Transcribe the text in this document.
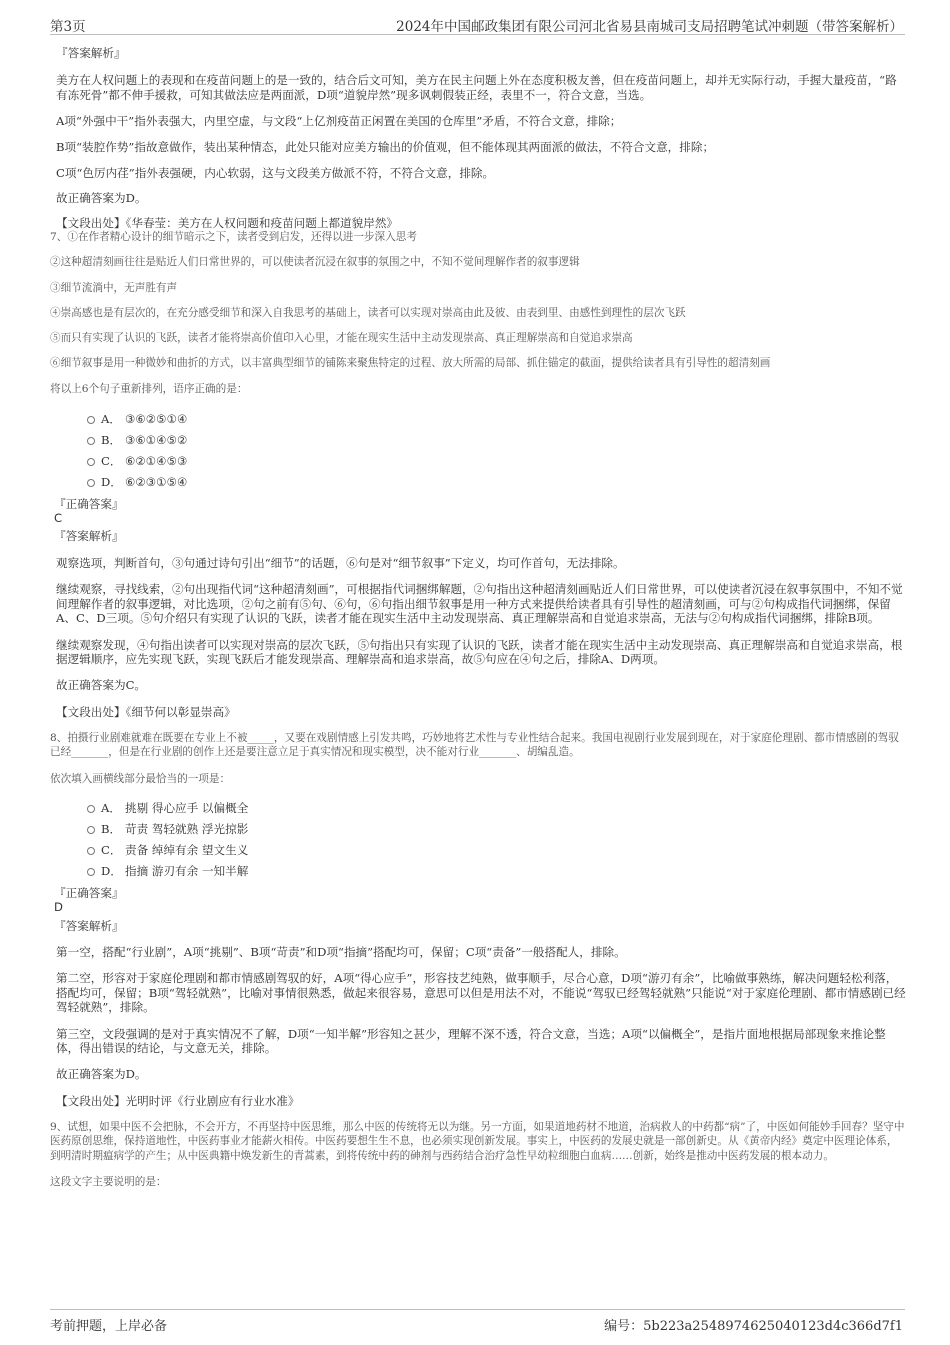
第3页	2024年中国邮政集团有限公司河北省易县南城司支局招聘笔试冲刺题（带答案解析）

『答案解析』

美方在人权问题上的表现和在疫苗问题上的是一致的，结合后文可知，美方在民主问题上外在态度积极友善，但在疫苗问题上，却并无实际行动，手握大量疫苗，“路有冻死骨”都不伸手援救，可知其做法应是两面派，D项“道貌岸然”现多讽刺假装正经，表里不一，符合文意，当选。

A项“外强中干”指外表强大，内里空虚，与文段“上亿剂疫苗正闲置在美国的仓库里”矛盾，不符合文意，排除；

B项“装腔作势”指故意做作，装出某种情态，此处只能对应美方输出的价值观，但不能体现其两面派的做法，不符合文意，排除；

C项“色厉内荏”指外表强硬，内心软弱，这与文段美方做派不符，不符合文意，排除。

故正确答案为D。

【文段出处】《华春莹：美方在人权问题和疫苗问题上都道貌岸然》

7、①在作者精心设计的细节暗示之下，读者受到启发，还得以进一步深入思考

②这种超清刻画往往是贴近人们日常世界的，可以使读者沉浸在叙事的氛围之中，不知不觉间理解作者的叙事逻辑

③细节流淌中，无声胜有声

④崇高感也是有层次的，在充分感受细节和深入自我思考的基础上，读者可以实现对崇高由此及彼、由表到里、由感性到理性的层次飞跃

⑤而只有实现了认识的飞跃，读者才能将崇高价值印入心里，才能在现实生活中主动发现崇高、真正理解崇高和自觉追求崇高

⑥细节叙事是用一种微妙和曲折的方式，以丰富典型细节的铺陈来聚焦特定的过程、放大所需的局部、抓住锚定的截面，提供给读者具有引导性的超清刻画

将以上6个句子重新排列，语序正确的是：

A． ③⑥②⑤①④
B． ③⑥①④⑤②
C． ⑥②①④⑤③
D． ⑥②③①⑤④

『正确答案』

C

『答案解析』

观察选项，判断首句，③句通过诗句引出“细节”的话题，⑥句是对“细节叙事”下定义，均可作首句，无法排除。

继续观察，寻找线索，②句出现指代词“这种超清刻画”，可根据指代词捆绑解题，②句指出这种超清刻画贴近人们日常世界，可以使读者沉浸在叙事氛围中，不知不觉间理解作者的叙事逻辑，对比选项，②句之前有⑤句、⑥句，⑥句指出细节叙事是用一种方式来提供给读者具有引导性的超清刻画，可与②句构成指代词捆绑，保留A、C、D三项。⑤句介绍只有实现了认识的飞跃，读者才能在现实生活中主动发现崇高、真正理解崇高和自觉追求崇高，无法与②句构成指代词捆绑，排除B项。

继续观察发现，④句指出读者可以实现对崇高的层次飞跃，⑤句指出只有实现了认识的飞跃，读者才能在现实生活中主动发现崇高、真正理解崇高和自觉追求崇高，根据逻辑顺序，应先实现飞跃，实现飞跃后才能发现崇高、理解崇高和追求崇高，故⑤句应在④句之后，排除A、D两项。

故正确答案为C。

【文段出处】《细节何以彰显崇高》

8、拍摄行业剧难就难在既要在专业上不被_____，又要在戏剧情感上引发共鸣，巧妙地将艺术性与专业性结合起来。我国电视剧行业发展到现在，对于家庭伦理剧、都市情感剧的驾驭已经_______，但是在行业剧的创作上还是要注意立足于真实情况和现实模型，决不能对行业_______、胡编乱造。

依次填入画横线部分最恰当的一项是：

A． 挑剔 得心应手 以偏概全
B． 苛责 驾轻就熟 浮光掠影
C． 责备 绰绰有余 望文生义
D． 指摘 游刃有余 一知半解

『正确答案』

D

『答案解析』

第一空，搭配“行业剧”，A项“挑剔”、B项“苛责”和D项“指摘”搭配均可，保留；C项“责备”一般搭配人，排除。

第二空，形容对于家庭伦理剧和都市情感剧驾驭的好，A项“得心应手”，形容技艺纯熟，做事顺手，尽合心意，D项“游刃有余”，比喻做事熟练，解决问题轻松利落，搭配均可，保留；B项“驾轻就熟”，比喻对事情很熟悉，做起来很容易，意思可以但是用法不对，不能说“驾驭已经驾轻就熟”只能说“对于家庭伦理剧、都市情感剧已经驾轻就熟”，排除。

第三空，文段强调的是对于真实情况不了解，D项“一知半解”形容知之甚少，理解不深不透，符合文意，当选；A项“以偏概全”，是指片面地根据局部现象来推论整体，得出错误的结论，与文意无关，排除。

故正确答案为D。

【文段出处】光明时评《行业剧应有行业水准》

9、试想，如果中医不会把脉，不会开方，不再坚持中医思维，那么中医的传统将无以为继。另一方面，如果道地药材不地道，治病救人的中药都“病”了，中医如何能妙手回春？坚守中医药原创思维，保持道地性，中医药事业才能薪火相传。中医药要想生生不息，也必须实现创新发展。事实上，中医药的发展史就是一部创新史。从《黄帝内经》奠定中医理论体系，到明清时期瘟病学的产生；从中医典籍中焕发新生的青蒿素，到将传统中药的砷剂与西药结合治疗急性早幼粒细胞白血病……创新，始终是推动中医药发展的根本动力。

这段文字主要说明的是：

考前押题，上岸必备	编号：5b223a2548974625040123d4c366d7f1
